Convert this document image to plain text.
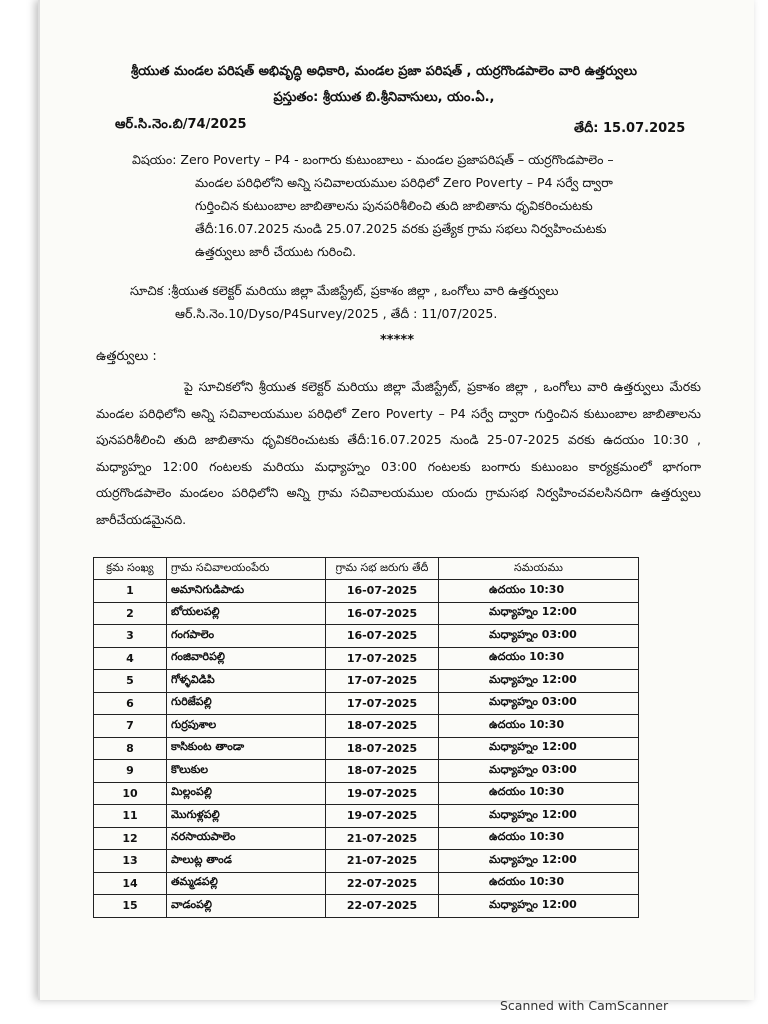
శ్రీయుత మండల పరిషత్ అభివృద్ధి అధికారి, మండల ప్రజా పరిషత్ , యర్రగొండపాలెం వారి ఉత్తర్వులు
ప్రస్తుతం: శ్రీయుత బి.శ్రీనివాసులు, యం.ఏ.,
ఆర్.సి.నెం.బి/74/2025	తేదీ: 15.07.2025
విషయం: Zero Poverty – P4 - బంగారు కుటుంబాలు - మండల ప్రజాపరిషత్ – యర్రగొండపాలెం –
మండల పరిధిలోని అన్ని సచివాలయముల పరిధిలో Zero Poverty – P4 సర్వే ద్వారా
గుర్తించిన కుటుంబాల జాబితాలను పునపరిశీలించి తుది జాబితాను ధృవికరించుటకు
తేదీ:16.07.2025 నుండి 25.07.2025 వరకు ప్రత్యేక గ్రామ సభలు నిర్వహించుటకు
ఉత్తర్వులు జారీ చేయుట గురించి.
సూచిక :శ్రీయుత కలెక్టర్ మరియు జిల్లా మేజిస్ట్రేట్, ప్రకాశం జిల్లా , ఒంగోలు వారి ఉత్తర్వులు
ఆర్.సి.నెం.10/Dyso/P4Survey/2025 , తేదీ : 11/07/2025.
*****
ఉత్తర్వులు :
పై సూచికలోని శ్రీయుత కలెక్టర్ మరియు జిల్లా మేజిస్ట్రేట్, ప్రకాశం జిల్లా , ఒంగోలు వారి ఉత్తర్వులు మేరకు మండల పరిధిలోని అన్ని సచివాలయముల పరిధిలో Zero Poverty – P4 సర్వే ద్వారా గుర్తించిన కుటుంబాల జాబితాలను పునపరిశీలించి తుది జాబితాను ధృవికరించుటకు తేదీ:16.07.2025 నుండి 25-07-2025 వరకు ఉదయం 10:30 , మధ్యాహ్నం 12:00 గంటలకు మరియు మధ్యాహ్నం 03:00 గంటలకు బంగారు కుటుంబం కార్యక్రమంలో భాగంగా యర్రగొండపాలెం మండలం పరిధిలోని అన్ని గ్రామ సచివాలయముల యందు గ్రామసభ నిర్వహించవలసినదిగా ఉత్తర్వులు జారీచేయడమైనది.
క్రమ సంఖ్య	గ్రామ సచివాలయంపేరు	గ్రామ సభ జరుగు తేదీ	సమయము
1	అమానిగుడిపాడు	16-07-2025	ఉదయం 10:30
2	బోయలపల్లి	16-07-2025	మధ్యాహ్నం 12:00
3	గంగపాలెం	16-07-2025	మధ్యాహ్నం 03:00
4	గంజివారిపల్లి	17-07-2025	ఉదయం 10:30
5	గోళ్ళవిడిపి	17-07-2025	మధ్యాహ్నం 12:00
6	గురిజేపల్లి	17-07-2025	మధ్యాహ్నం 03:00
7	గుర్రపుశాల	18-07-2025	ఉదయం 10:30
8	కాసికుంట తాండా	18-07-2025	మధ్యాహ్నం 12:00
9	కొలుకుల	18-07-2025	మధ్యాహ్నం 03:00
10	మిల్లంపల్లి	19-07-2025	ఉదయం 10:30
11	మొగుళ్లపల్లి	19-07-2025	మధ్యాహ్నం 12:00
12	నరసాయపాలెం	21-07-2025	ఉదయం 10:30
13	పాలుట్ల తాండ	21-07-2025	మధ్యాహ్నం 12:00
14	తమ్మడపల్లి	22-07-2025	ఉదయం 10:30
15	వాడంపల్లి	22-07-2025	మధ్యాహ్నం 12:00
Scanned with CamScanner
